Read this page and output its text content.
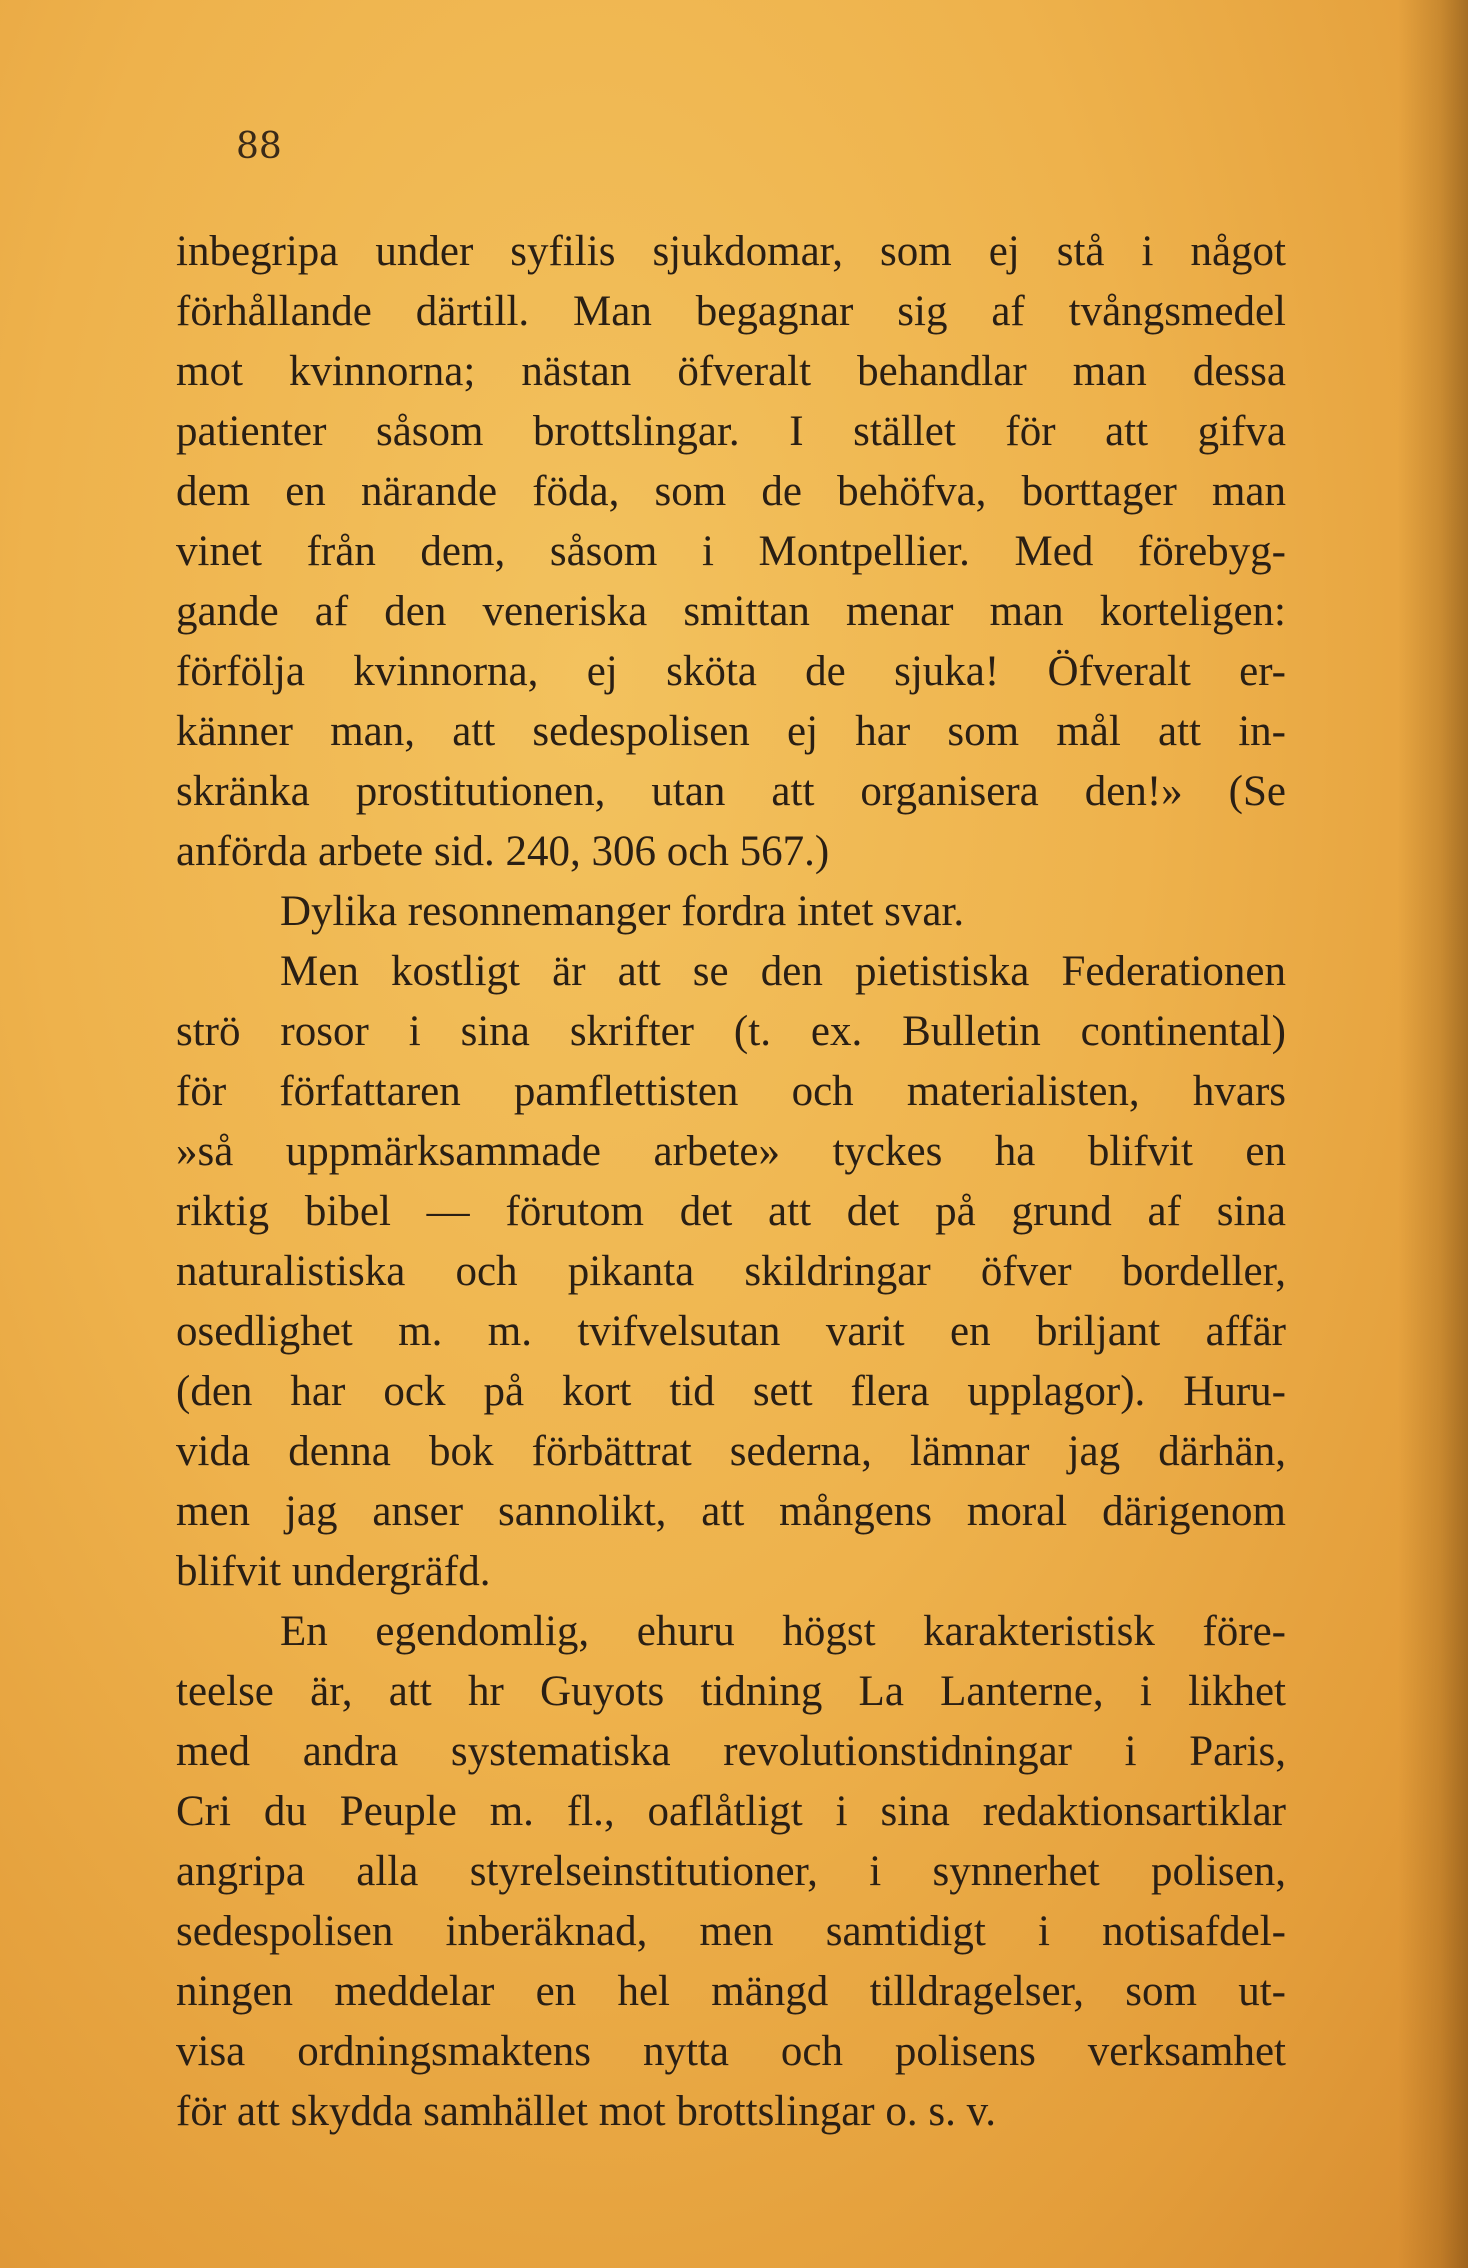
88

inbegripa under syfilis sjukdomar, som ej stå i något
förhållande därtill. Man begagnar sig af tvångsmedel
mot kvinnorna; nästan öfveralt behandlar man dessa
patienter såsom brottslingar. I stället för att gifva
dem en närande föda, som de behöfva, borttager man
vinet från dem, såsom i Montpellier. Med förebyg-
gande af den veneriska smittan menar man korteligen:
förfölja kvinnorna, ej sköta de sjuka! Öfveralt er-
känner man, att sedespolisen ej har som mål att in-
skränka prostitutionen, utan att organisera den!» (Se
anförda arbete sid. 240, 306 och 567.)
Dylika resonnemanger fordra intet svar.
Men kostligt är att se den pietistiska Federationen
strö rosor i sina skrifter (t. ex. Bulletin continental)
för författaren pamflettisten och materialisten, hvars
»så uppmärksammade arbete» tyckes ha blifvit en
riktig bibel — förutom det att det på grund af sina
naturalistiska och pikanta skildringar öfver bordeller,
osedlighet m. m. tvifvelsutan varit en briljant affär
(den har ock på kort tid sett flera upplagor). Huru-
vida denna bok förbättrat sederna, lämnar jag därhän,
men jag anser sannolikt, att mångens moral därigenom
blifvit undergräfd.
En egendomlig, ehuru högst karakteristisk före-
teelse är, att hr Guyots tidning La Lanterne, i likhet
med andra systematiska revolutionstidningar i Paris,
Cri du Peuple m. fl., oaflåtligt i sina redaktionsartiklar
angripa alla styrelseinstitutioner, i synnerhet polisen,
sedespolisen inberäknad, men samtidigt i notisafdel-
ningen meddelar en hel mängd tilldragelser, som ut-
visa ordningsmaktens nytta och polisens verksamhet
för att skydda samhället mot brottslingar o. s. v.
